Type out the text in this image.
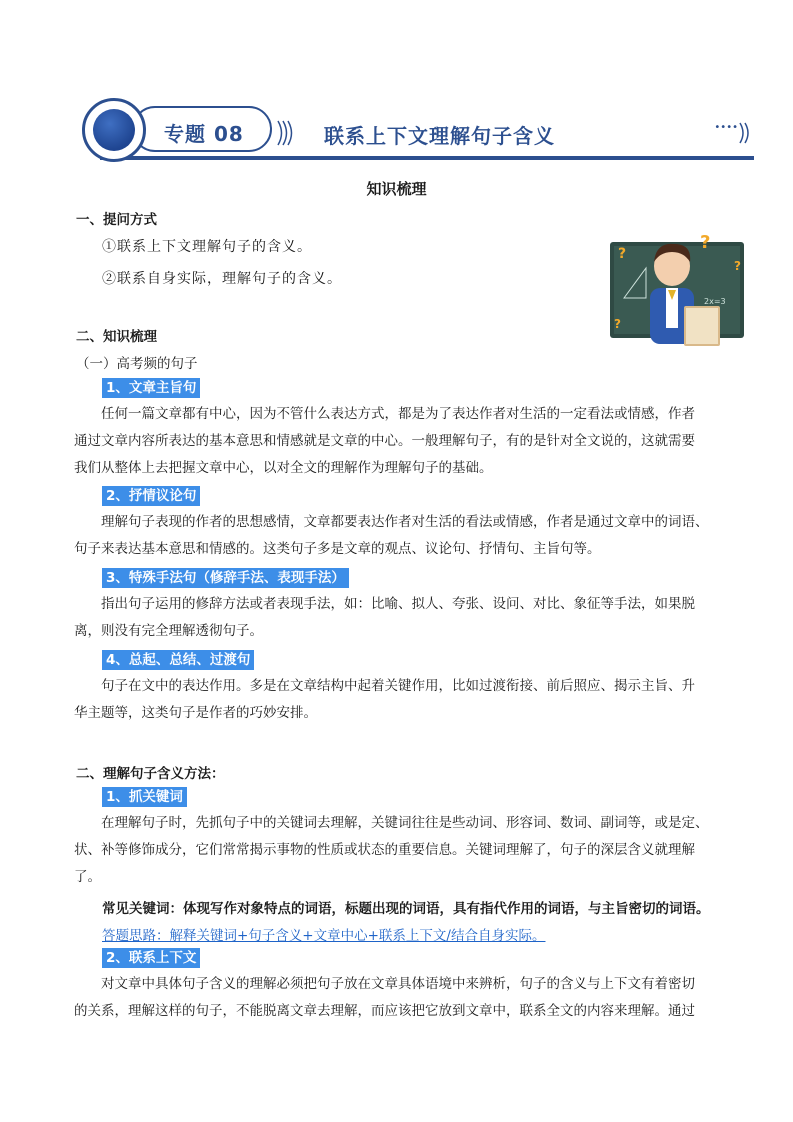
专题 08	联系上下文理解句子含义	••••
知识梳理
一、提问方式
①联系上下文理解句子的含义。
②联系自身实际，理解句子的含义。
?
?
?
?
2x=3
二、知识梳理
（一）高考频的句子
1、文章主旨句
任何一篇文章都有中心，因为不管什么表达方式，都是为了表达作者对生活的一定看法或情感，作者
通过文章内容所表达的基本意思和情感就是文章的中心。一般理解句子，有的是针对全文说的，这就需要
我们从整体上去把握文章中心，以对全文的理解作为理解句子的基础。
2、抒情议论句
理解句子表现的作者的思想感情，文章都要表达作者对生活的看法或情感，作者是通过文章中的词语、
句子来表达基本意思和情感的。这类句子多是文章的观点、议论句、抒情句、主旨句等。
3、特殊手法句（修辞手法、表现手法）
指出句子运用的修辞方法或者表现手法，如：比喻、拟人、夸张、设问、对比、象征等手法，如果脱
离，则没有完全理解透彻句子。
4、总起、总结、过渡句
句子在文中的表达作用。多是在文章结构中起着关键作用，比如过渡衔接、前后照应、揭示主旨、升
华主题等，这类句子是作者的巧妙安排。
二、理解句子含义方法：
1、抓关键词
在理解句子时，先抓句子中的关键词去理解，关键词往往是些动词、形容词、数词、副词等，或是定、
状、补等修饰成分，它们常常揭示事物的性质或状态的重要信息。关键词理解了，句子的深层含义就理解
了。
常见关键词：体现写作对象特点的词语，标题出现的词语，具有指代作用的词语，与主旨密切的词语。
答题思路：解释关键词+句子含义+文章中心+联系上下文/结合自身实际。
2、联系上下文
对文章中具体句子含义的理解必须把句子放在文章具体语境中来辨析，句子的含义与上下文有着密切
的关系，理解这样的句子，不能脱离文章去理解，而应该把它放到文章中，联系全文的内容来理解。通过
